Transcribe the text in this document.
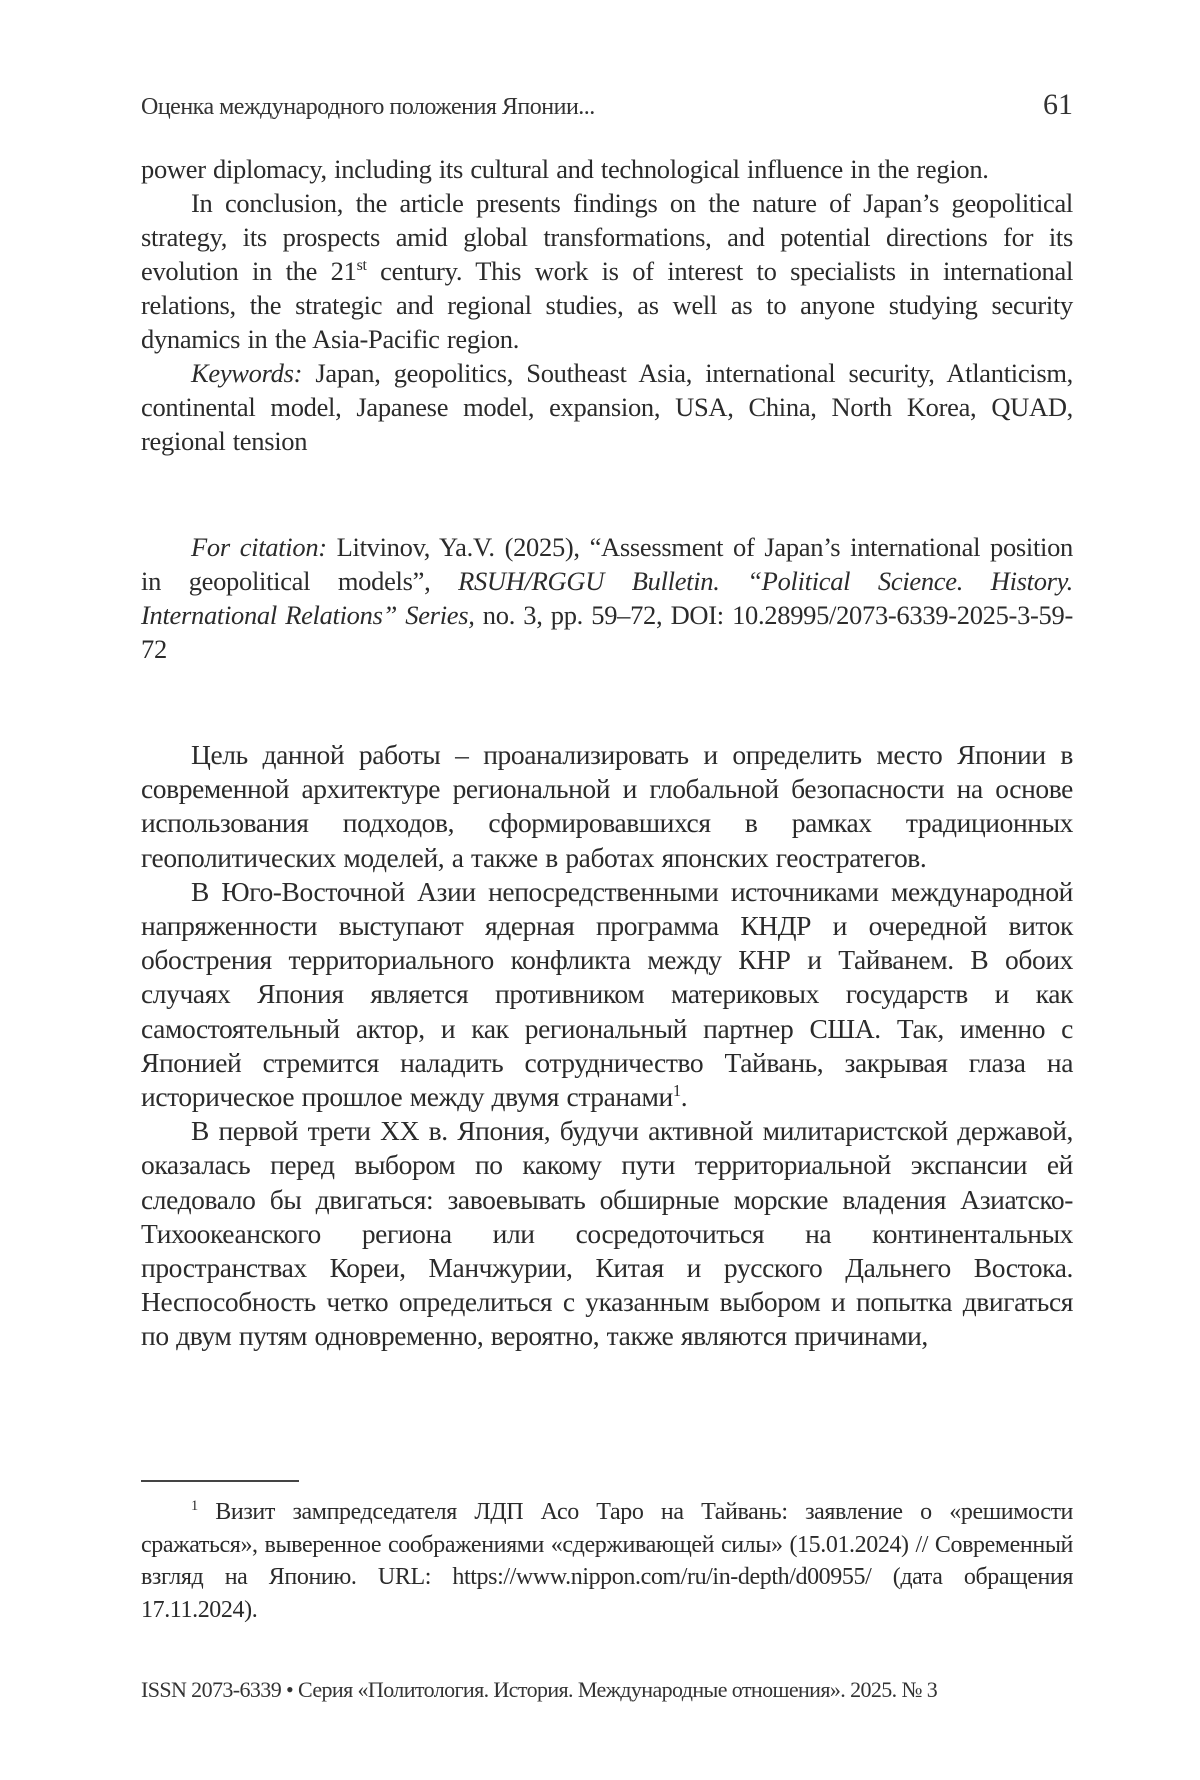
Оценка международного положения Японии...	61

power diplomacy, including its cultural and technological influence in the region.

In conclusion, the article presents findings on the nature of Japan’s geopolitical strategy, its prospects amid global transformations, and potential directions for its evolution in the 21st century. This work is of interest to specialists in international relations, the strategic and regional studies, as well as to anyone studying security dynamics in the Asia-Pacific region.

Keywords: Japan, geopolitics, Southeast Asia, international security, Atlanticism, continental model, Japanese model, expansion, USA, China, North Korea, QUAD, regional tension

For citation: Litvinov, Ya.V. (2025), “Assessment of Japan’s international position in geopolitical models”, RSUH/RGGU Bulletin. “Political Science. History. International Relations” Series, no. 3, pp. 59–72, DOI: 10.28995/2073-6339-2025-3-59-72

Цель данной работы – проанализировать и определить место Японии в современной архитектуре региональной и глобальной безопасности на основе использования подходов, сформировавшихся в рамках традиционных геополитических моделей, а также в работах японских геостратегов.

В Юго-Восточной Азии непосредственными источниками международной напряженности выступают ядерная программа КНДР и очередной виток обострения территориального конфликта между КНР и Тайванем. В обоих случаях Япония является противником материковых государств и как самостоятельный актор, и как региональный партнер США. Так, именно с Японией стремится наладить сотрудничество Тайвань, закрывая глаза на историческое прошлое между двумя странами$^1$.

В первой трети XX в. Япония, будучи активной милитаристской державой, оказалась перед выбором по какому пути территориальной экспансии ей следовало бы двигаться: завоевывать обширные морские владения Азиатско-Тихоокеанского региона или сосредоточиться на континентальных пространствах Кореи, Манчжурии, Китая и русского Дальнего Востока. Неспособность четко определиться с указанным выбором и попытка двигаться по двум путям одновременно, вероятно, также являются причинами,

$^1$ Визит зампредседателя ЛДП Асо Таро на Тайвань: заявление о «решимости сражаться», выверенное соображениями «сдерживающей силы» (15.01.2024) // Современный взгляд на Японию. URL: https://www.nippon.com/ru/in-depth/d00955/ (дата обращения 17.11.2024).

ISSN 2073-6339 • Серия «Политология. История. Международные отношения». 2025. № 3
